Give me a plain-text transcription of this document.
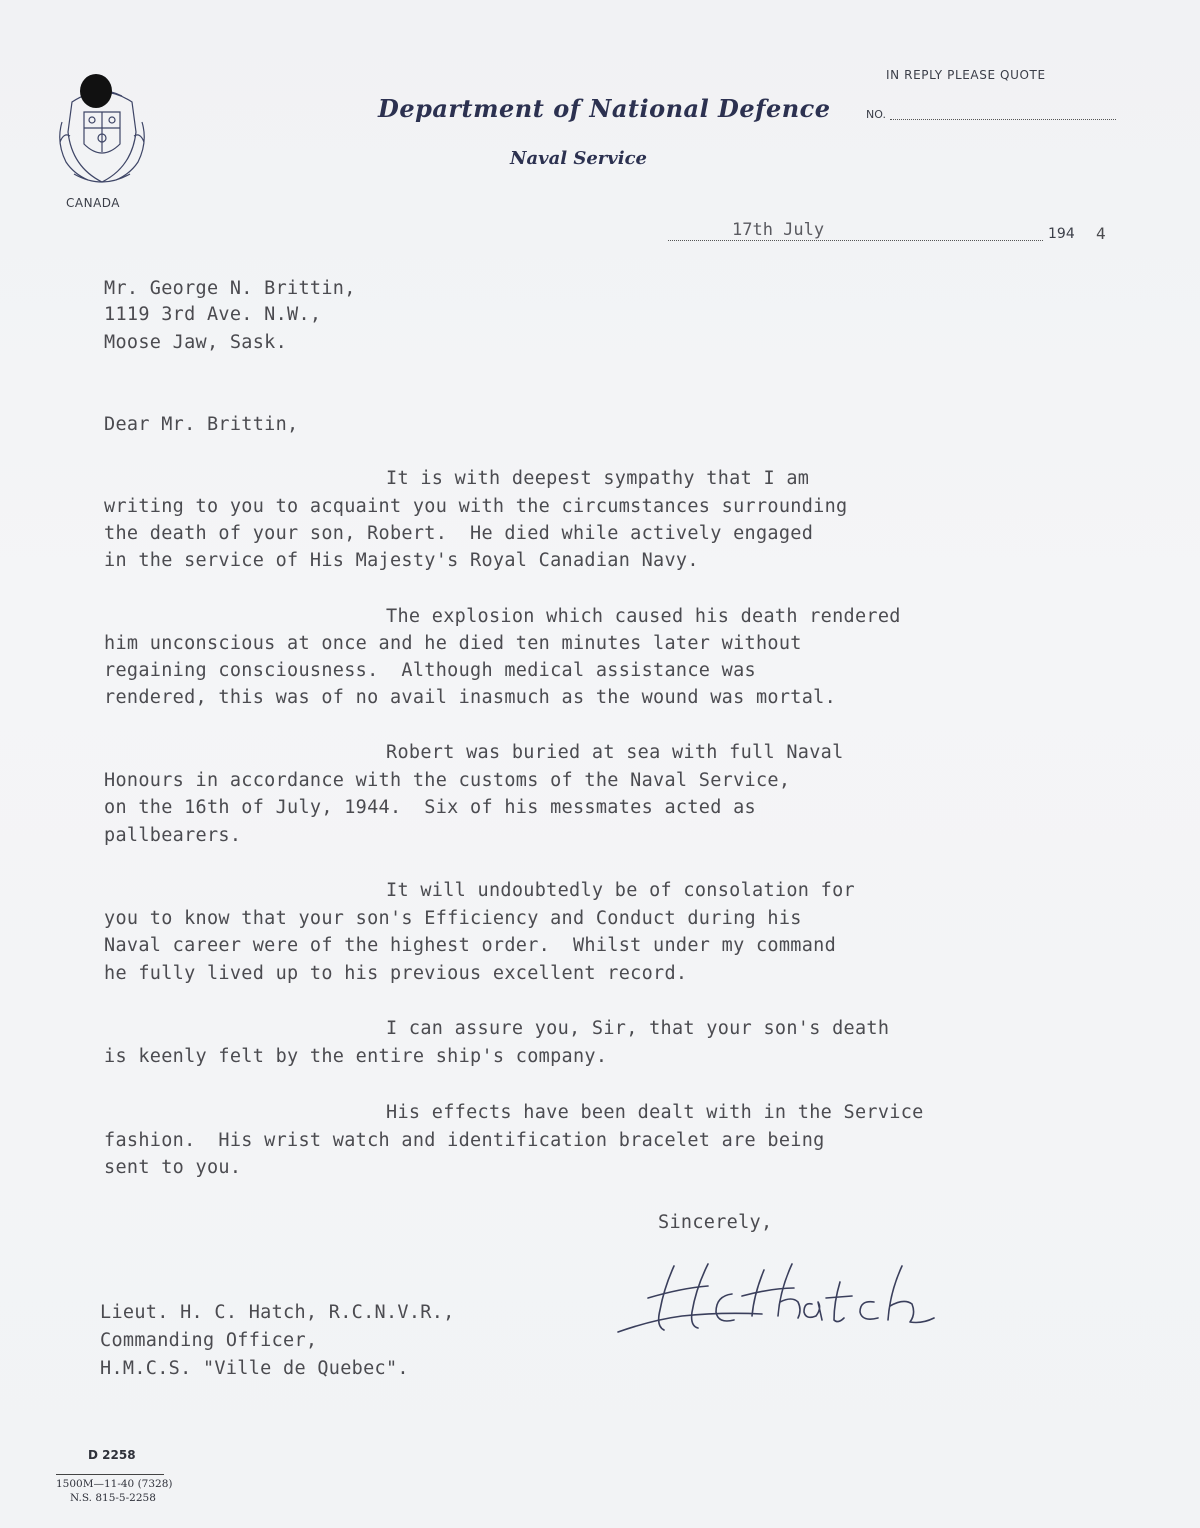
CANADA
Department of National Defence
Naval Service
IN REPLY PLEASE QUOTE
NO.
17th July	194 4
Mr. George N. Brittin,
1119 3rd Ave. N.W.,
Moose Jaw, Sask.
Dear Mr. Brittin,
It is with deepest sympathy that I am
writing to you to acquaint you with the circumstances surrounding
the death of your son, Robert.  He died while actively engaged
in the service of His Majesty's Royal Canadian Navy.
The explosion which caused his death rendered
him unconscious at once and he died ten minutes later without
regaining consciousness.  Although medical assistance was
rendered, this was of no avail inasmuch as the wound was mortal.
Robert was buried at sea with full Naval
Honours in accordance with the customs of the Naval Service,
on the 16th of July, 1944.  Six of his messmates acted as
pallbearers.
It will undoubtedly be of consolation for
you to know that your son's Efficiency and Conduct during his
Naval career were of the highest order.  Whilst under my command
he fully lived up to his previous excellent record.
I can assure you, Sir, that your son's death
is keenly felt by the entire ship's company.
His effects have been dealt with in the Service
fashion.  His wrist watch and identification bracelet are being
sent to you.
Sincerely,
Lieut. H. C. Hatch, R.C.N.V.R.,
Commanding Officer,
H.M.C.S. "Ville de Quebec".
D 2258
1500M—11-40 (7328)
N.S. 815-5-2258
